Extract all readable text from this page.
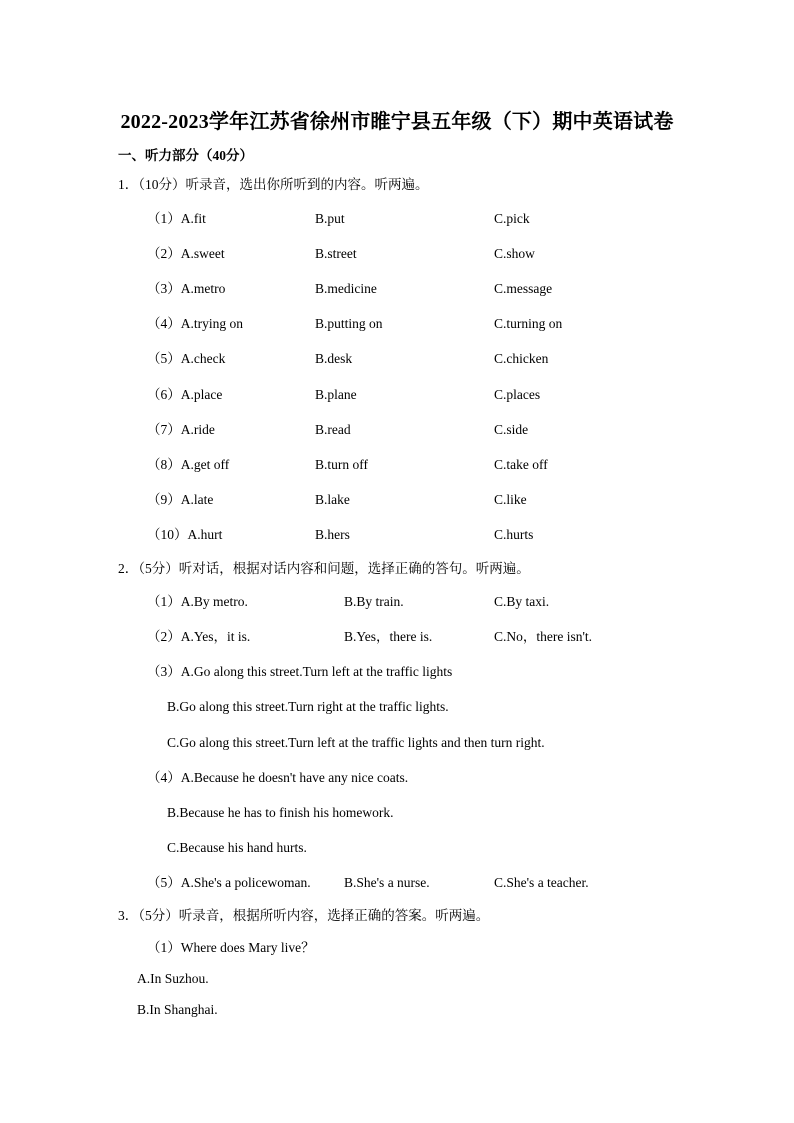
2022-2023学年江苏省徐州市睢宁县五年级（下）期中英语试卷
一、听力部分（40分）
1．（10分）听录音，选出你所听到的内容。听两遍。
（1）A.fit	B.put	C.pick
（2）A.sweet	B.street	C.show
（3）A.metro	B.medicine	C.message
（4）A.trying on	B.putting on	C.turning on
（5）A.check	B.desk	C.chicken
（6）A.place	B.plane	C.places
（7）A.ride	B.read	C.side
（8）A.get off	B.turn off	C.take off
（9）A.late	B.lake	C.like
（10）A.hurt	B.hers	C.hurts
2．（5分）听对话，根据对话内容和问题，选择正确的答句。听两遍。
（1）A.By metro.	B.By train.	C.By taxi.
（2）A.Yes，it is.	B.Yes，there is.	C.No，there isn't.
（3）A.Go along this street.Turn left at the traffic lights
B.Go along this street.Turn right at the traffic lights.
C.Go along this street.Turn left at the traffic lights and then turn right.
（4）A.Because he doesn't have any nice coats.
B.Because he has to finish his homework.
C.Because his hand hurts.
（5）A.She's a policewoman. B.She's a nurse.	C.She's a teacher.
3．（5分）听录音，根据所听内容，选择正确的答案。听两遍。
（1）Where does Mary live？
A.In Suzhou.
B.In Shanghai.
